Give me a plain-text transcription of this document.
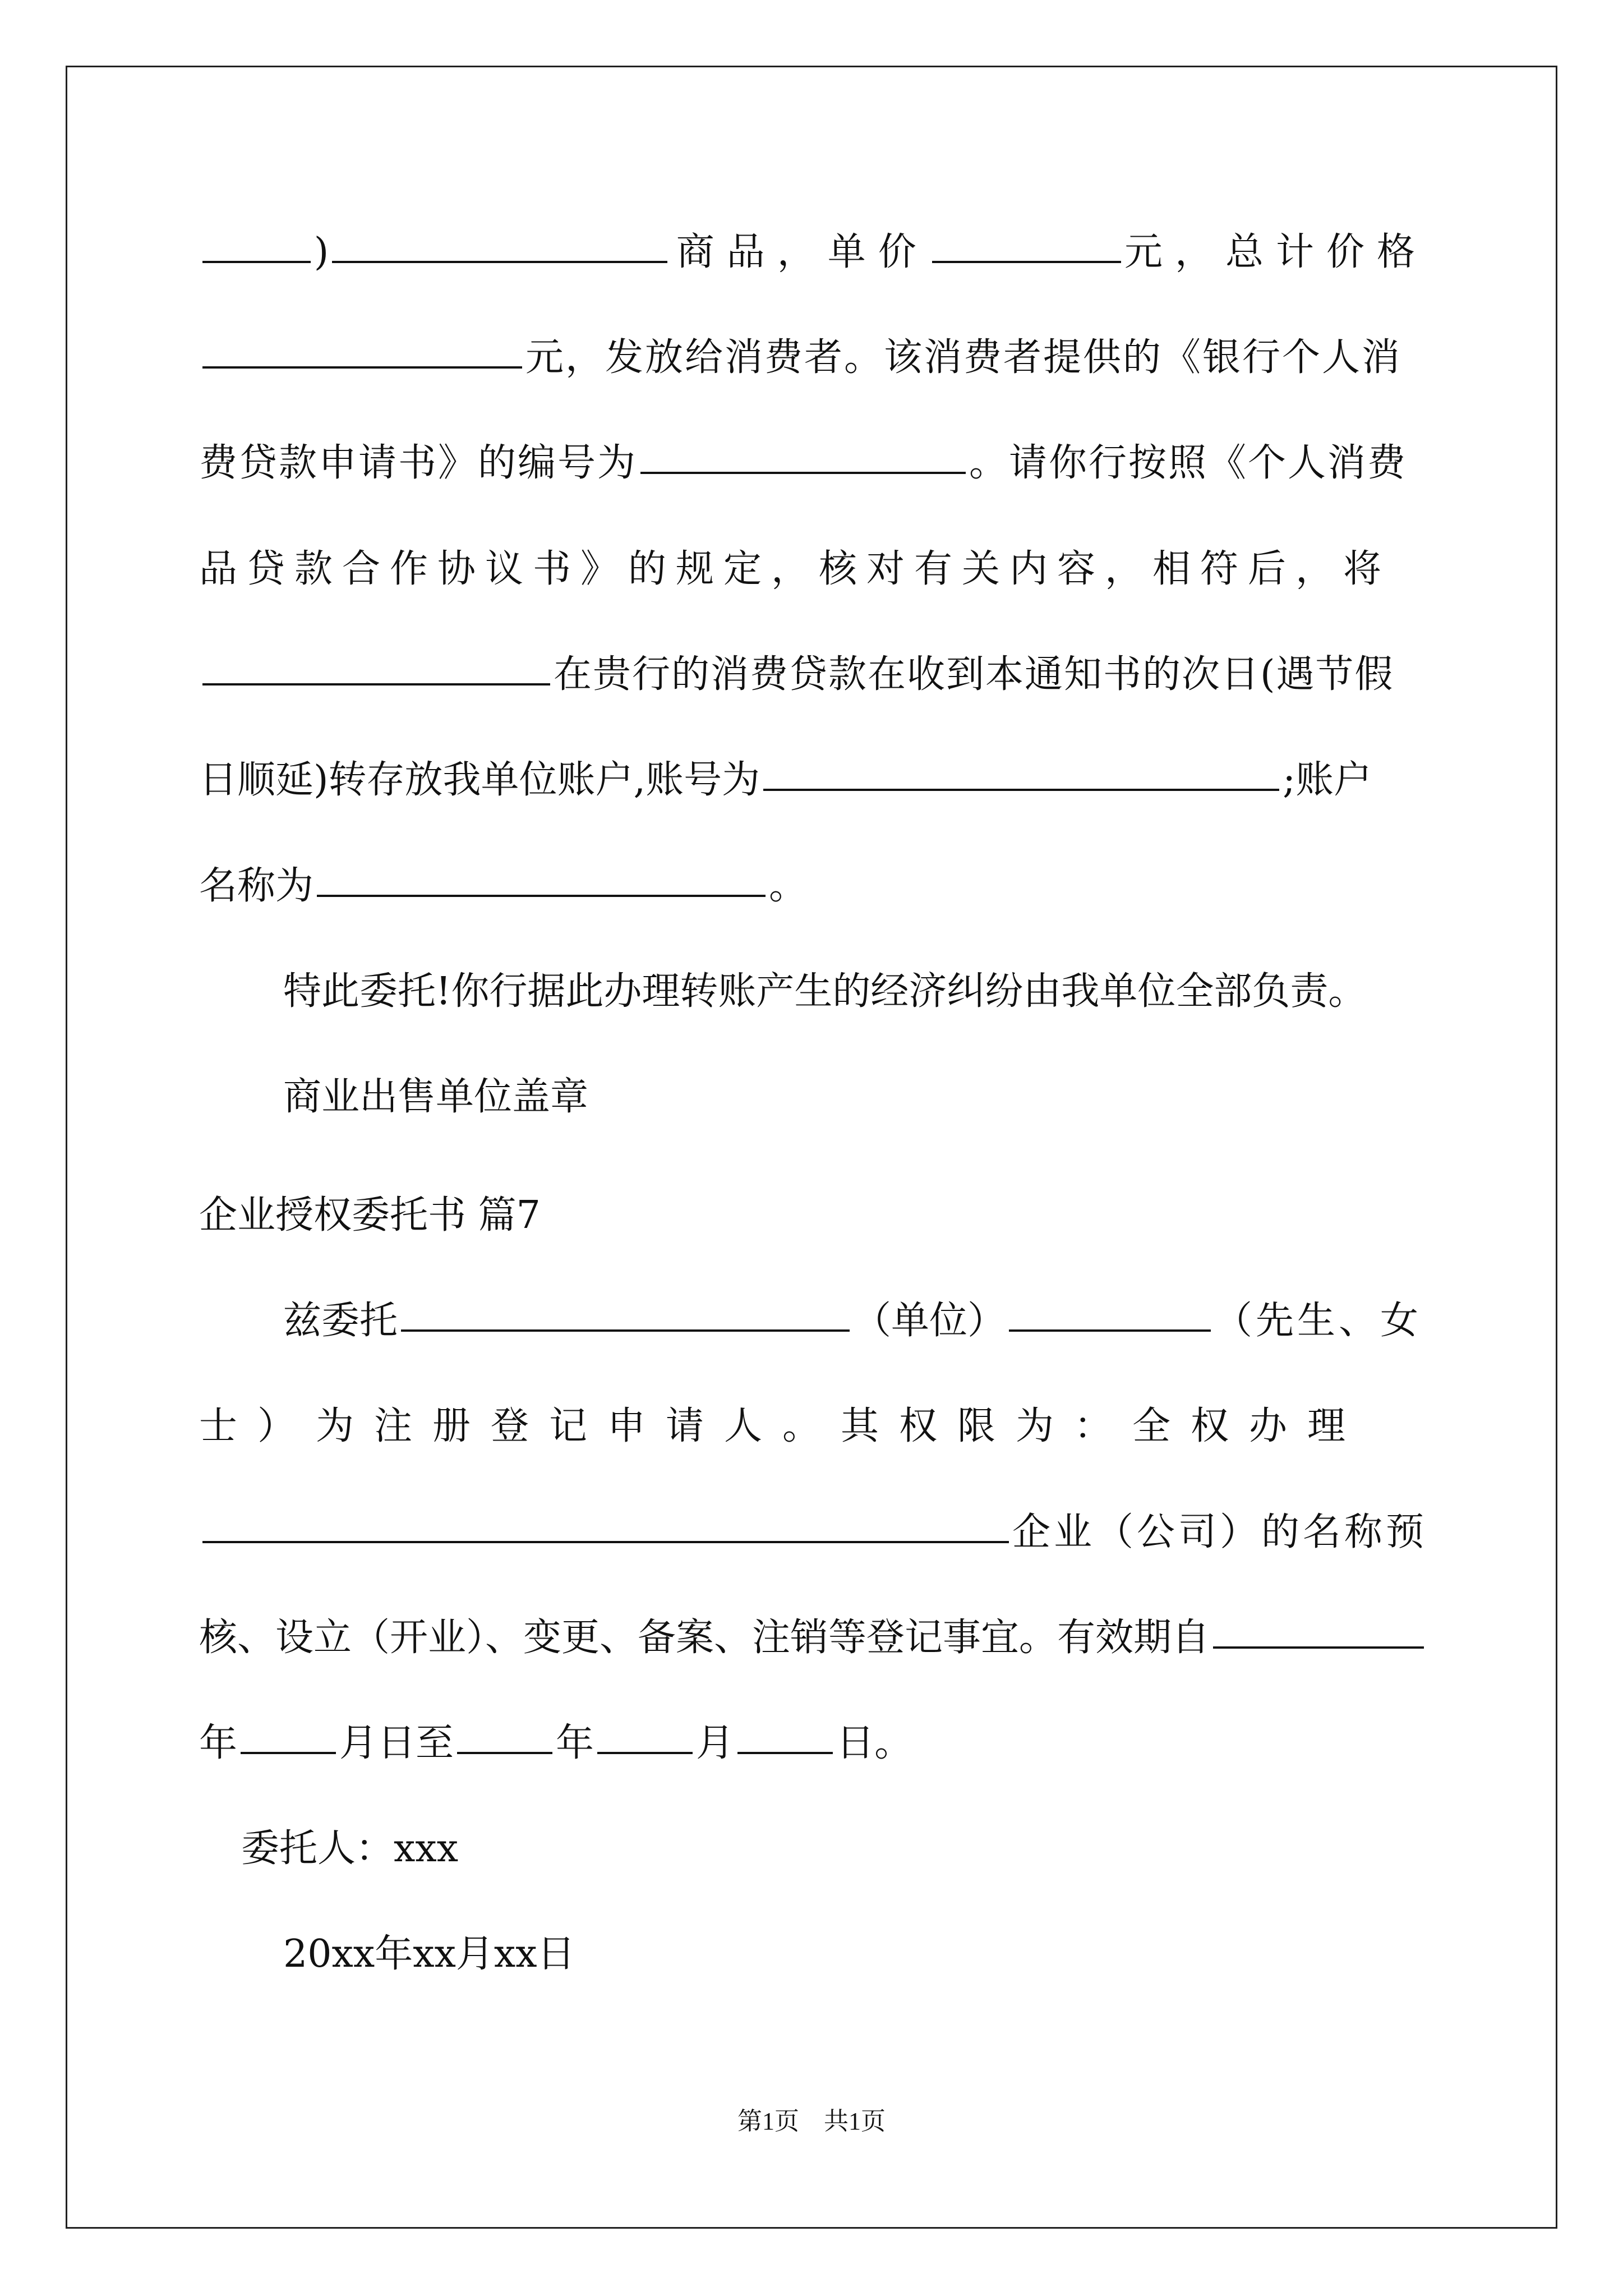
)	商品，单价	元，总计价格
元，发放给消费者。该消费者提供的《银行个人消
费贷款申请书》的编号为	。请你行按照《个人消费
品贷款合作协议书》的规定，核对有关内容，相符后，将
在贵行的消费贷款在收到本通知书的次日(遇节假
日顺延)转存放我单位账户,账号为	;账户
名称为	。
特此委托!你行据此办理转账产生的经济纠纷由我单位全部负责。
商业出售单位盖章
企业授权委托书 篇7
兹委托	（单位）	（先生、女
士）为注册登记申请人。其权限为：全权办理
企业（公司）的名称预
核、设立（开业）、变更、备案、注销等登记事宜。有效期自
年	月日至	年	月	日。
委托人：xxx
20xx年xx月xx日
第1页　共1页
